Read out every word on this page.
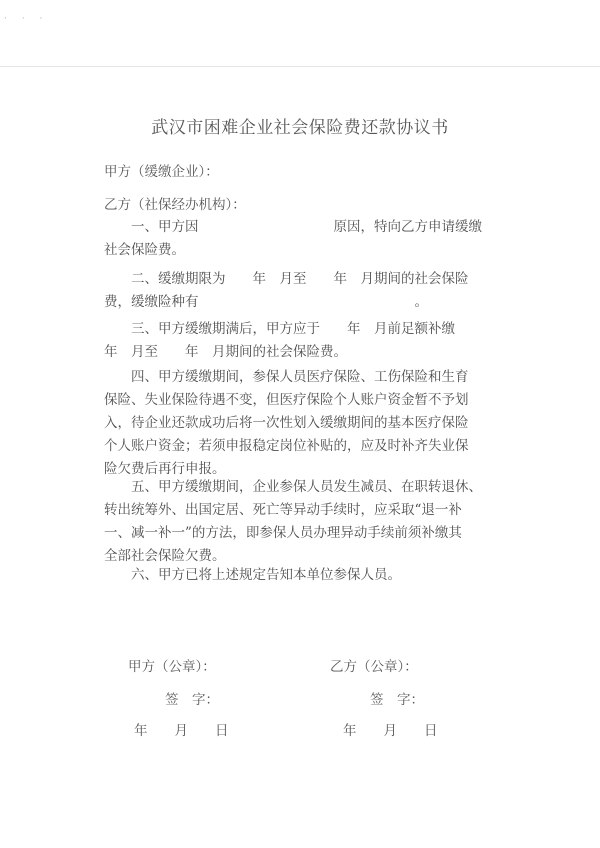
· · ·
武汉市困难企业社会保险费还款协议书
甲方（缓缴企业）：
乙方（社保经办机构）：
一、甲方因　　　　　　　　　　原因，特向乙方申请缓缴
社会保险费。
二、缓缴期限为　　年　月至　　年　月期间的社会保险
费，缓缴险种有　　　　　　　　　　　　　　　　。
三、甲方缓缴期满后，甲方应于　　年　月前足额补缴
年　月至　　年　月期间的社会保险费。
四、甲方缓缴期间，参保人员医疗保险、工伤保险和生育
保险、失业保险待遇不变，但医疗保险个人账户资金暂不予划
入，待企业还款成功后将一次性划入缓缴期间的基本医疗保险
个人账户资金；若须申报稳定岗位补贴的，应及时补齐失业保
险欠费后再行申报。
五、甲方缓缴期间，企业参保人员发生减员、在职转退休、
转出统筹外、出国定居、死亡等异动手续时，应采取“退一补
一、减一补一”的方法，即参保人员办理异动手续前须补缴其
全部社会保险欠费。
六、甲方已将上述规定告知本单位参保人员。
甲方（公章）：	乙方（公章）：
签　字：	签　字：
年　　月　　日	年　　月　　日
